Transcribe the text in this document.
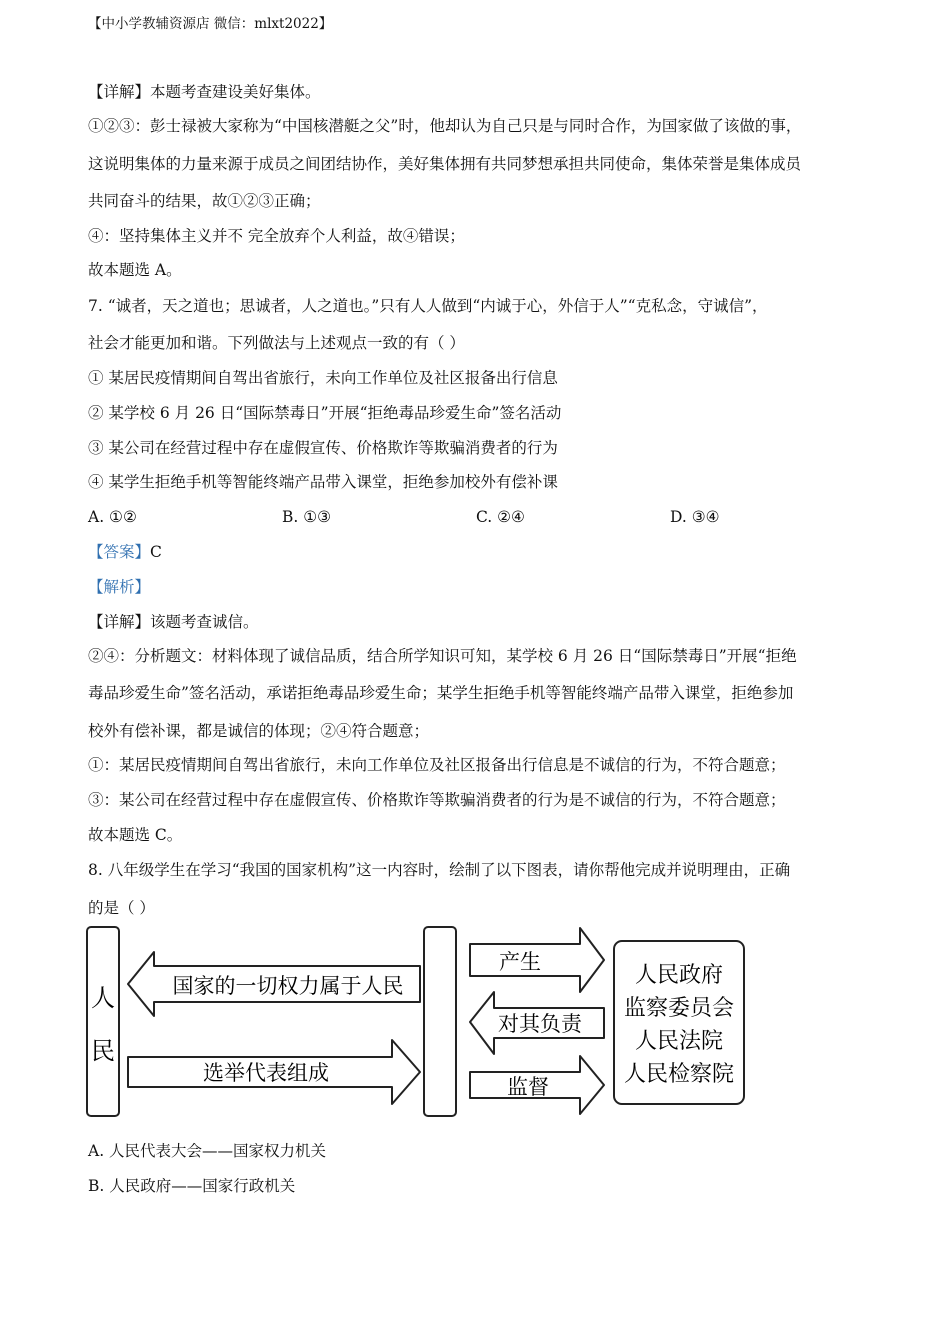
【中小学教辅资源店 微信：mlxt2022】
【详解】本题考查建设美好集体。
①②③：彭士禄被大家称为“中国核潜艇之父”时，他却认为自己只是与同时合作，为国家做了该做的事，
这说明集体的力量来源于成员之间团结协作，美好集体拥有共同梦想承担共同使命，集体荣誉是集体成员
共同奋斗的结果，故①②③正确；
④：坚持集体主义并不 完全放弃个人利益，故④错误；
故本题选 A。
7. “诚者，天之道也；思诚者，人之道也。”只有人人做到“内诚于心，外信于人”“克私念，守诚信”，
社会才能更加和谐。下列做法与上述观点一致的有（ ）
① 某居民疫情期间自驾出省旅行，未向工作单位及社区报备出行信息
② 某学校 6 月 26 日“国际禁毒日”开展“拒绝毒品珍爱生命”签名活动
③ 某公司在经营过程中存在虚假宣传、价格欺诈等欺骗消费者的行为
④ 某学生拒绝手机等智能终端产品带入课堂，拒绝参加校外有偿补课
A. ①②	B. ①③	C. ②④	D. ③④
【答案】C
【解析】
【详解】该题考查诚信。
②④：分析题文：材料体现了诚信品质，结合所学知识可知，某学校 6 月 26 日“国际禁毒日”开展“拒绝
毒品珍爱生命”签名活动，承诺拒绝毒品珍爱生命；某学生拒绝手机等智能终端产品带入课堂，拒绝参加
校外有偿补课，都是诚信的体现；②④符合题意；
①：某居民疫情期间自驾出省旅行，未向工作单位及社区报备出行信息是不诚信的行为，不符合题意；
③：某公司在经营过程中存在虚假宣传、价格欺诈等欺骗消费者的行为是不诚信的行为，不符合题意；
故本题选 C。
8. 八年级学生在学习“我国的国家机构”这一内容时，绘制了以下图表，请你帮他完成并说明理由，正确
的是（ ）
人
民
国家的一切权力属于人民
选举代表组成
产生
对其负责
监督
人民政府
监察委员会
人民法院
人民检察院
A. 人民代表大会——国家权力机关
B. 人民政府——国家行政机关
